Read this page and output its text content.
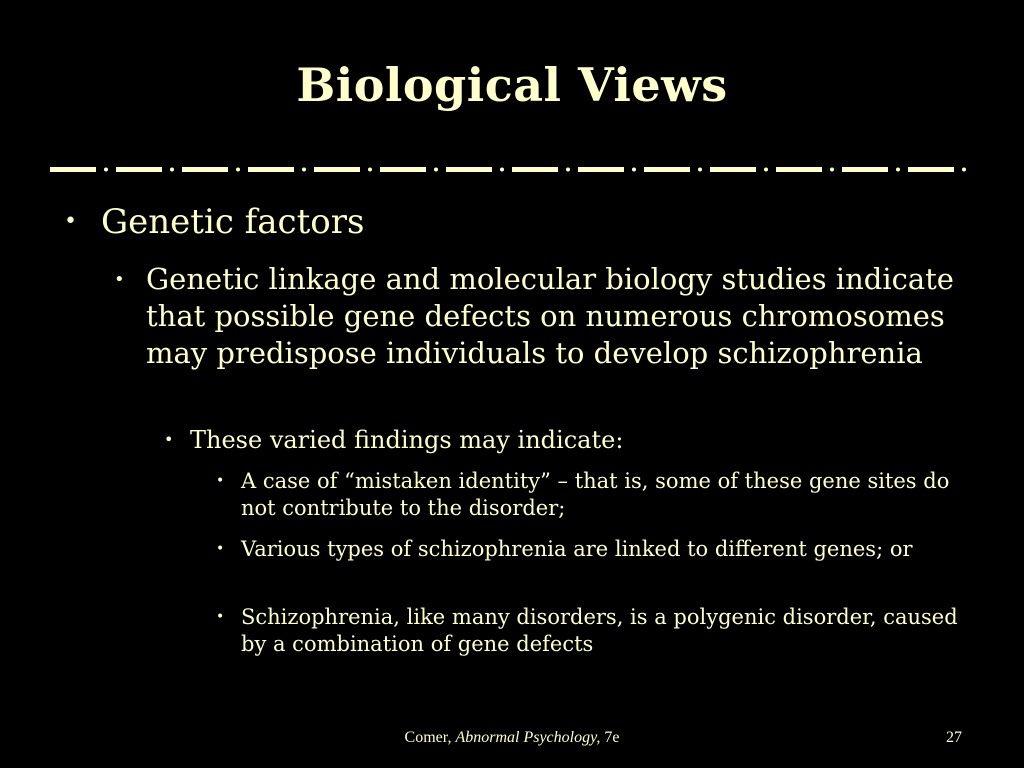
Biological Views
• Genetic factors
• Genetic linkage and molecular biology studies indicate that possible gene defects on numerous chromosomes may predispose individuals to develop schizophrenia
• These varied findings may indicate:
• A case of “mistaken identity” – that is, some of these gene sites do not contribute to the disorder;
• Various types of schizophrenia are linked to different genes; or
• Schizophrenia, like many disorders, is a polygenic disorder, caused by a combination of gene defects
Comer, Abnormal Psychology, 7e	27
